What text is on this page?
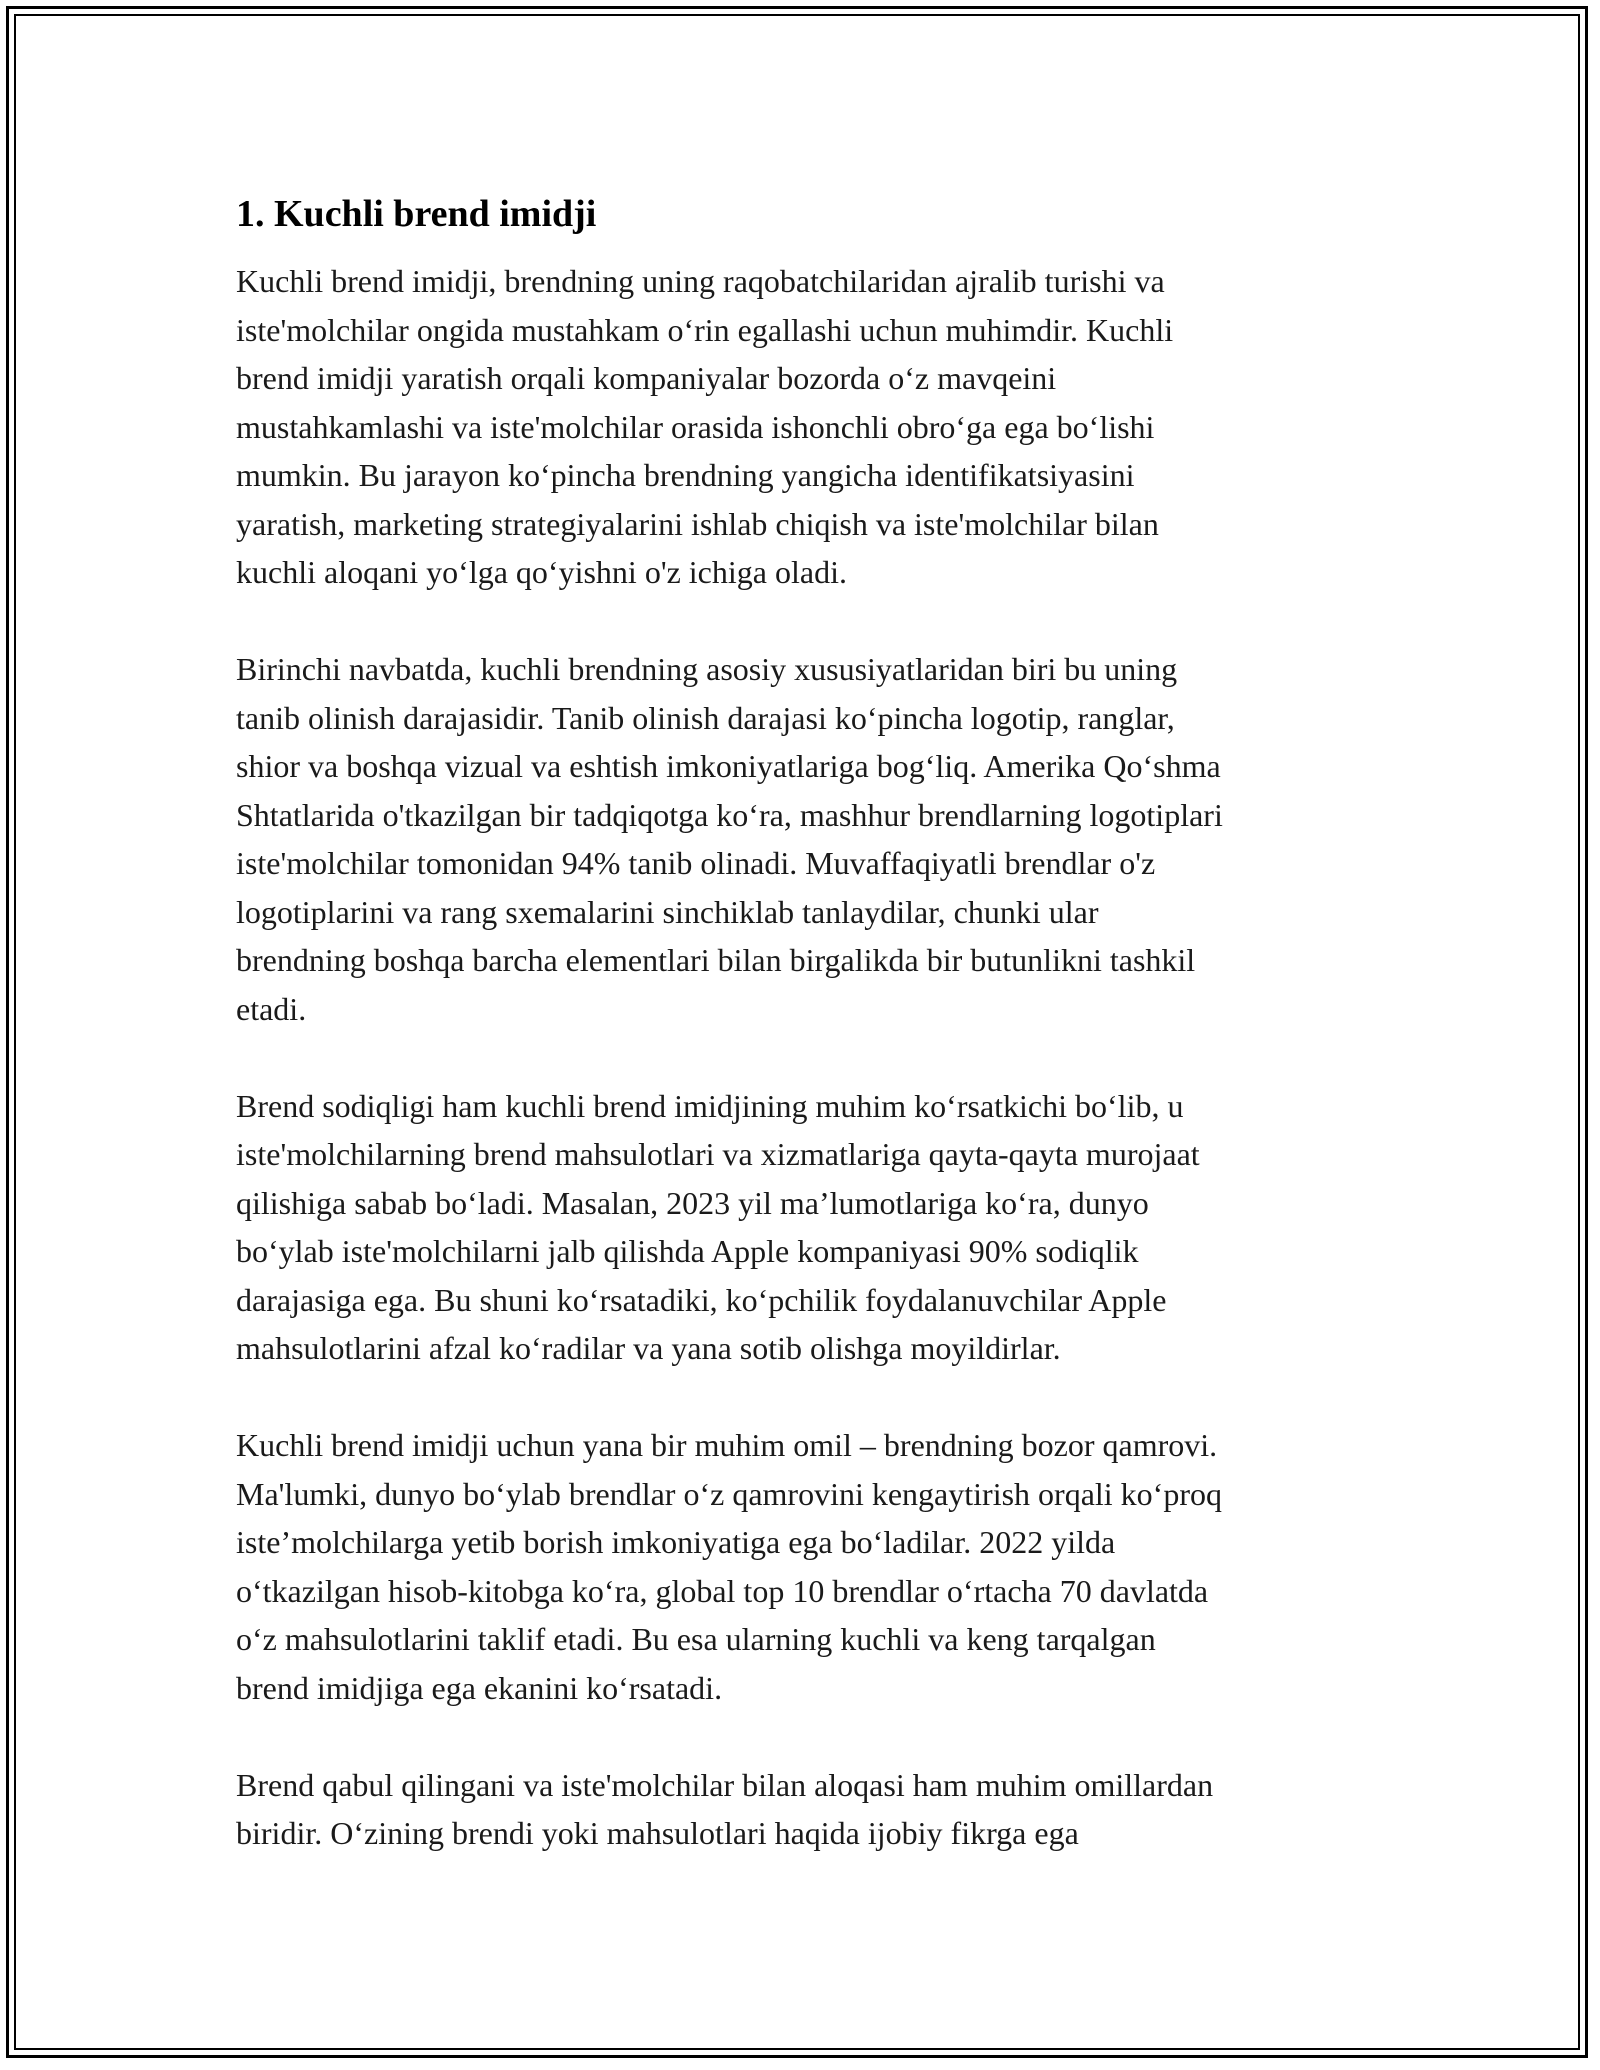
1. Kuchli brend imidji

Kuchli brend imidji, brendning uning raqobatchilaridan ajralib turishi va
iste'molchilar ongida mustahkam o‘rin egallashi uchun muhimdir. Kuchli
brend imidji yaratish orqali kompaniyalar bozorda o‘z mavqeini
mustahkamlashi va iste'molchilar orasida ishonchli obro‘ga ega bo‘lishi
mumkin. Bu jarayon ko‘pincha brendning yangicha identifikatsiyasini
yaratish, marketing strategiyalarini ishlab chiqish va iste'molchilar bilan
kuchli aloqani yo‘lga qo‘yishni o'z ichiga oladi.

Birinchi navbatda, kuchli brendning asosiy xususiyatlaridan biri bu uning
tanib olinish darajasidir. Tanib olinish darajasi ko‘pincha logotip, ranglar,
shior va boshqa vizual va eshtish imkoniyatlariga bog‘liq. Amerika Qo‘shma
Shtatlarida o'tkazilgan bir tadqiqotga ko‘ra, mashhur brendlarning logotiplari
iste'molchilar tomonidan 94% tanib olinadi. Muvaffaqiyatli brendlar o'z
logotiplarini va rang sxemalarini sinchiklab tanlaydilar, chunki ular
brendning boshqa barcha elementlari bilan birgalikda bir butunlikni tashkil
etadi.

Brend sodiqligi ham kuchli brend imidjining muhim ko‘rsatkichi bo‘lib, u
iste'molchilarning brend mahsulotlari va xizmatlariga qayta-qayta murojaat
qilishiga sabab bo‘ladi. Masalan, 2023 yil ma’lumotlariga ko‘ra, dunyo
bo‘ylab iste'molchilarni jalb qilishda Apple kompaniyasi 90% sodiqlik
darajasiga ega. Bu shuni ko‘rsatadiki, ko‘pchilik foydalanuvchilar Apple
mahsulotlarini afzal ko‘radilar va yana sotib olishga moyildirlar.

Kuchli brend imidji uchun yana bir muhim omil – brendning bozor qamrovi.
Ma'lumki, dunyo bo‘ylab brendlar o‘z qamrovini kengaytirish orqali ko‘proq
iste’molchilarga yetib borish imkoniyatiga ega bo‘ladilar. 2022 yilda
o‘tkazilgan hisob-kitobga ko‘ra, global top 10 brendlar o‘rtacha 70 davlatda
o‘z mahsulotlarini taklif etadi. Bu esa ularning kuchli va keng tarqalgan
brend imidjiga ega ekanini ko‘rsatadi.

Brend qabul qilingani va iste'molchilar bilan aloqasi ham muhim omillardan
biridir. O‘zining brendi yoki mahsulotlari haqida ijobiy fikrga ega
